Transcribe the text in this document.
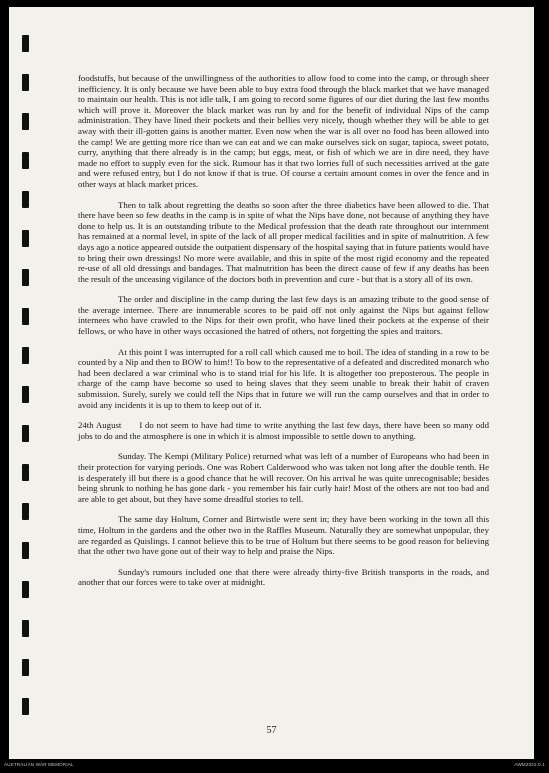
foodstuffs, but because of the unwillingness of the authorities to allow food to come into the camp, or through sheer inefficiency. It is only because we have been able to buy extra food through the black market that we have managed to maintain our health. This is not idle talk, I am going to record some figures of our diet during the last few months which will prove it. Moreover the black market was run by and for the benefit of individual Nips of the camp administration. They have lined their pockets and their bellies very nicely, though whether they will be able to get away with their ill-gotten gains is another matter. Even now when the war is all over no food has been allowed into the camp! We are getting more rice than we can eat and we can make ourselves sick on sugar, tapioca, sweet potato, curry, anything that there already is in the camp; but eggs, meat, or fish of which we are in dire need, they have made no effort to supply even for the sick. Rumour has it that two lorries full of such necessities arrived at the gate and were refused entry, but I do not know if that is true. Of course a certain amount comes in over the fence and in other ways at black market prices.

Then to talk about regretting the deaths so soon after the three diabetics have been allowed to die. That there have been so few deaths in the camp is in spite of what the Nips have done, not because of anything they have done to help us. It is an outstanding tribute to the Medical profession that the death rate throughout our internment has remained at a normal level, in spite of the lack of all proper medical facilities and in spite of malnutrition. A few days ago a notice appeared outside the outpatient dispensary of the hospital saying that in future patients would have to bring their own dressings! No more were available, and this in spite of the most rigid economy and the repeated re-use of all old dressings and bandages. That malnutrition has been the direct cause of few if any deaths has been the result of the unceasing vigilance of the doctors both in prevention and cure - but that is a story all of its own.

The order and discipline in the camp during the last few days is an amazing tribute to the good sense of the average internee. There are innumerable scores to be paid off not only against the Nips but against fellow internees who have crawled to the Nips for their own profit, who have lined their pockets at the expense of their fellows, or who have in other ways occasioned the hatred of others, not forgetting the spies and traitors.

At this point I was interrupted for a roll call which caused me to boil. The idea of standing in a row to be counted by a Nip and then to BOW to him!! To bow to the representative of a defeated and discredited monarch who had been declared a war criminal who is to stand trial for his life. It is altogether too preposterous. The people in charge of the camp have become so used to being slaves that they seem unable to break their habit of craven submission. Surely, surely we could tell the Nips that in future we will run the camp ourselves and that in order to avoid any incidents it is up to them to keep out of it.

24th August I do not seem to have had time to write anything the last few days, there have been so many odd jobs to do and the atmosphere is one in which it is almost impossible to settle down to anything.

Sunday. The Kempi (Military Police) returned what was left of a number of Europeans who had been in their protection for varying periods. One was Robert Calderwood who was taken not long after the double tenth. He is desperately ill but there is a good chance that he will recover. On his arrival he was quite unrecognisable; besides being shrunk to nothing he has gone dark - you remember his fair curly hair! Most of the others are not too bad and are able to get about, but they have some dreadful stories to tell.

The same day Holtum, Corner and Birtwistle were sent in; they have been working in the town all this time, Holtum in the gardens and the other two in the Raffles Museum. Naturally they are somewhat unpopular, they are regarded as Quislings. I cannot believe this to be true of Holtum but there seems to be good reason for believing that the other two have gone out of their way to help and praise the Nips.

Sunday's rumours included one that there were already thirty-five British transports in the roads, and another that our forces were to take over at midnight.

57
AUSTRALIAN WAR MEMORIAL	AWM2022.0.1
